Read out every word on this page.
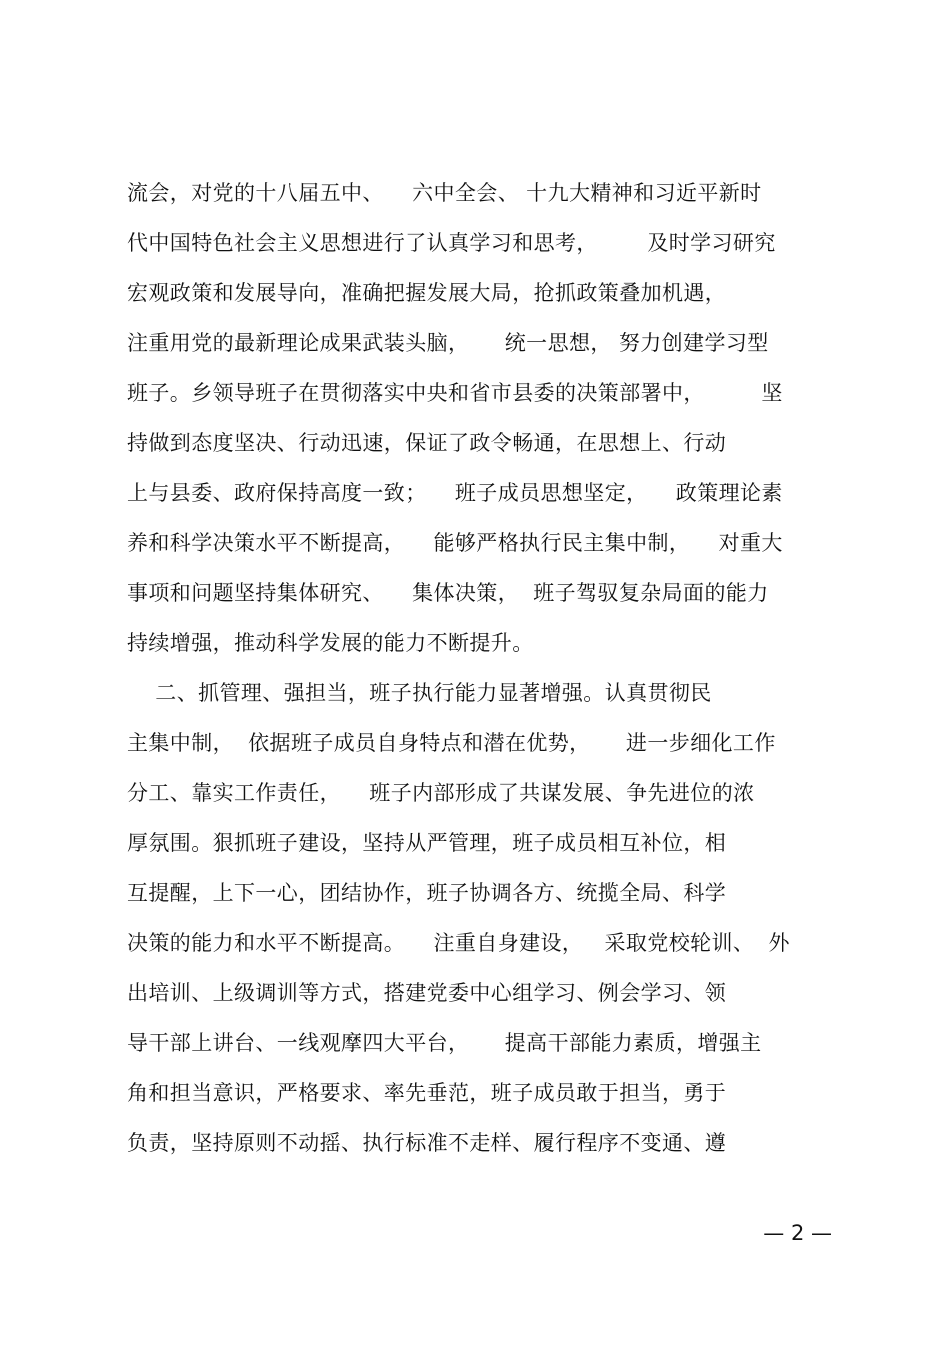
流会，对党的十八届五中、    六中全会、 十九大精神和习近平新时
代中国特色社会主义思想进行了认真学习和思考，       及时学习研究
宏观政策和发展导向，准确把握发展大局，抢抓政策叠加机遇，
注重用党的最新理论成果武装头脑，     统一思想， 努力创建学习型
班子。乡领导班子在贯彻落实中央和省市县委的决策部署中，        坚
持做到态度坚决、行动迅速，保证了政令畅通，在思想上、行动
上与县委、政府保持高度一致；    班子成员思想坚定，    政策理论素
养和科学决策水平不断提高，    能够严格执行民主集中制，    对重大
事项和问题坚持集体研究、    集体决策，  班子驾驭复杂局面的能力
持续增强，推动科学发展的能力不断提升。
二、抓管理、强担当，班子执行能力显著增强。认真贯彻民
主集中制，  依据班子成员自身特点和潜在优势，     进一步细化工作
分工、靠实工作责任，    班子内部形成了共谋发展、争先进位的浓
厚氛围。狠抓班子建设，坚持从严管理，班子成员相互补位，相
互提醒，上下一心，团结协作，班子协调各方、统揽全局、科学
决策的能力和水平不断提高。    注重自身建设，   采取党校轮训、  外
出培训、上级调训等方式，搭建党委中心组学习、例会学习、领
导干部上讲台、一线观摩四大平台，     提高干部能力素质，增强主
角和担当意识，严格要求、率先垂范，班子成员敢于担当，勇于
负责，坚持原则不动摇、执行标准不走样、履行程序不变通、遵
— 2 —
